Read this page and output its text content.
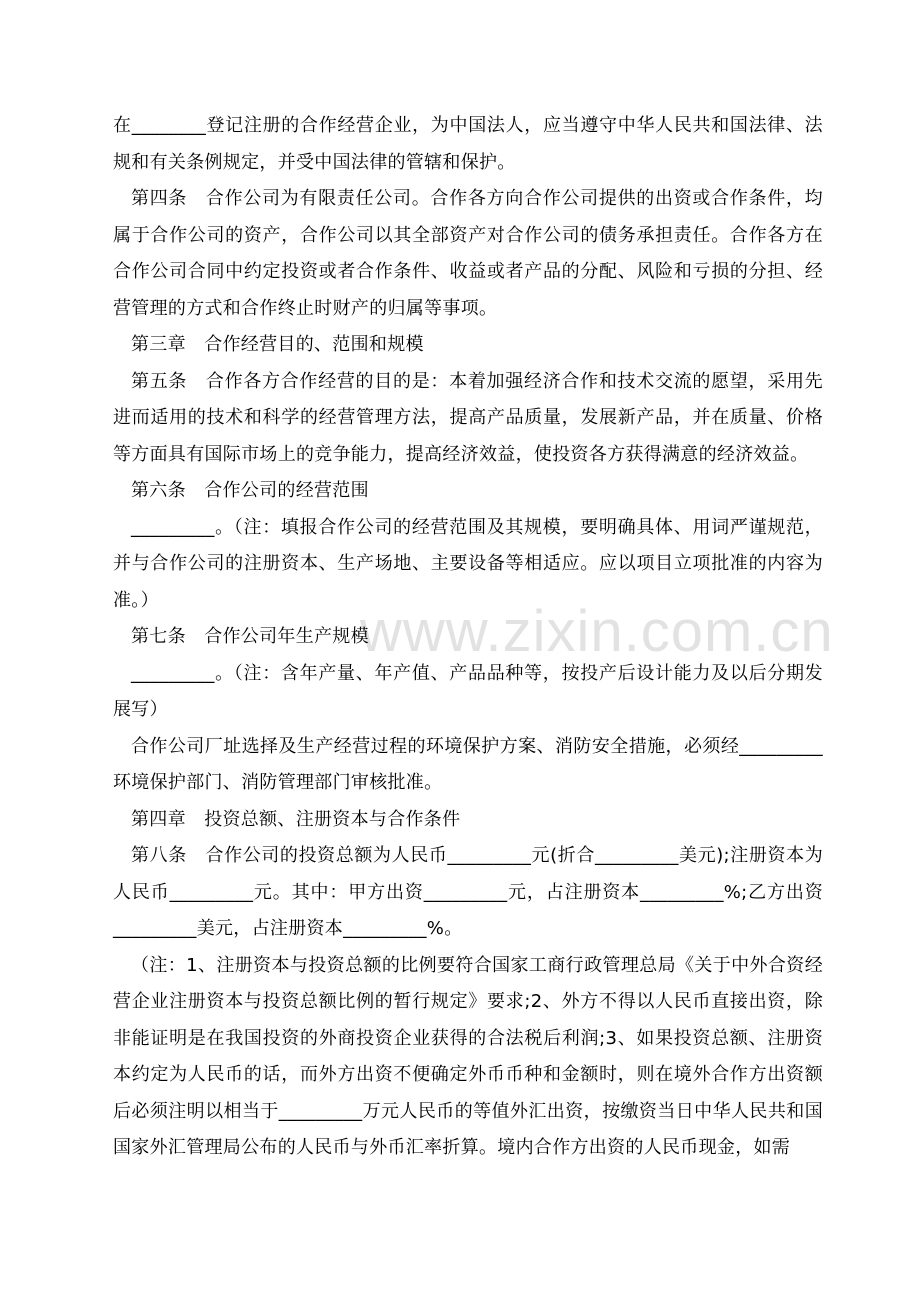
www.zixin.com.cn

在________登记注册的合作经营企业，为中国法人，应当遵守中华人民共和国法律、法规和有关条例规定，并受中国法律的管辖和保护。

第四条　合作公司为有限责任公司。合作各方向合作公司提供的出资或合作条件，均属于合作公司的资产，合作公司以其全部资产对合作公司的债务承担责任。合作各方在合作公司合同中约定投资或者合作条件、收益或者产品的分配、风险和亏损的分担、经营管理的方式和合作终止时财产的归属等事项。

第三章　合作经营目的、范围和规模

第五条　合作各方合作经营的目的是：本着加强经济合作和技术交流的愿望，采用先进而适用的技术和科学的经营管理方法，提高产品质量，发展新产品，并在质量、价格等方面具有国际市场上的竞争能力，提高经济效益，使投资各方获得满意的经济效益。

第六条　合作公司的经营范围

_________。（注：填报合作公司的经营范围及其规模，要明确具体、用词严谨规范，并与合作公司的注册资本、生产场地、主要设备等相适应。应以项目立项批准的内容为准。）

第七条　合作公司年生产规模

_________。（注：含年产量、年产值、产品品种等，按投产后设计能力及以后分期发展写）

合作公司厂址选择及生产经营过程的环境保护方案、消防安全措施，必须经_________环境保护部门、消防管理部门审核批准。

第四章　投资总额、注册资本与合作条件

第八条　合作公司的投资总额为人民币_________元(折合_________美元);注册资本为人民币_________元。其中：甲方出资_________元，占注册资本_________%;乙方出资_________美元，占注册资本_________%。

（注：1、注册资本与投资总额的比例要符合国家工商行政管理总局《关于中外合资经营企业注册资本与投资总额比例的暂行规定》要求;2、外方不得以人民币直接出资，除非能证明是在我国投资的外商投资企业获得的合法税后利润;3、如果投资总额、注册资本约定为人民币的话，而外方出资不便确定外币币种和金额时，则在境外合作方出资额后必须注明以相当于_________万元人民币的等值外汇出资，按缴资当日中华人民共和国国家外汇管理局公布的人民币与外币汇率折算。境内合作方出资的人民币现金，如需
